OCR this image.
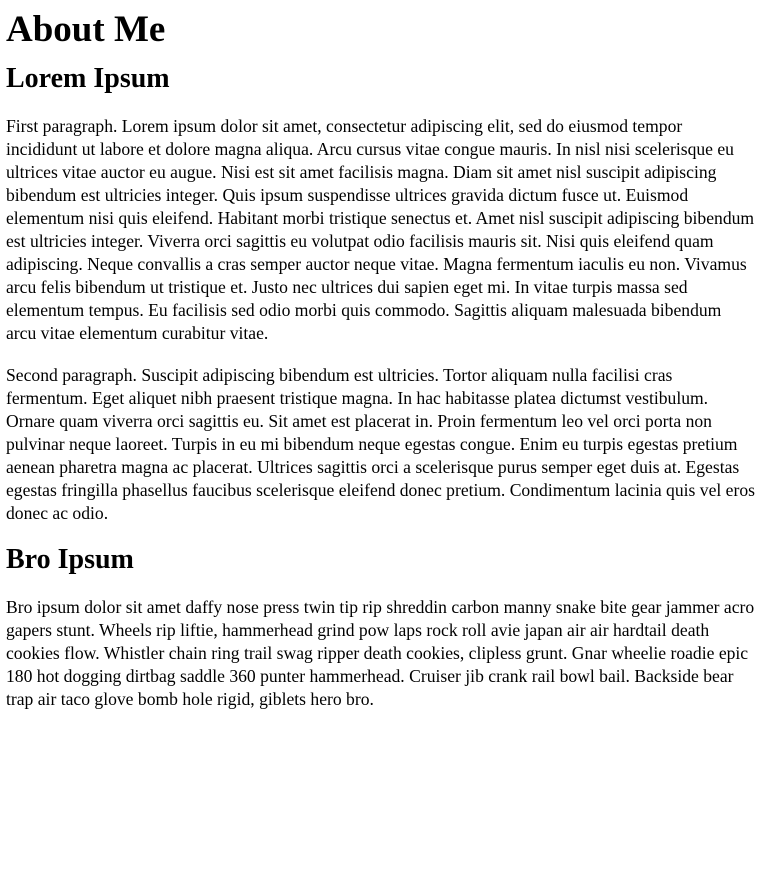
About Me
Lorem Ipsum

First paragraph. Lorem ipsum dolor sit amet, consectetur adipiscing elit, sed do eiusmod tempor incididunt ut labore et dolore magna aliqua. Arcu cursus vitae congue mauris. In nisl nisi scelerisque eu ultrices vitae auctor eu augue. Nisi est sit amet facilisis magna. Diam sit amet nisl suscipit adipiscing bibendum est ultricies integer. Quis ipsum suspendisse ultrices gravida dictum fusce ut. Euismod elementum nisi quis eleifend. Habitant morbi tristique senectus et. Amet nisl suscipit adipiscing bibendum est ultricies integer. Viverra orci sagittis eu volutpat odio facilisis mauris sit. Nisi quis eleifend quam adipiscing. Neque convallis a cras semper auctor neque vitae. Magna fermentum iaculis eu non. Vivamus arcu felis bibendum ut tristique et. Justo nec ultrices dui sapien eget mi. In vitae turpis massa sed elementum tempus. Eu facilisis sed odio morbi quis commodo. Sagittis aliquam malesuada bibendum arcu vitae elementum curabitur vitae.

Second paragraph. Suscipit adipiscing bibendum est ultricies. Tortor aliquam nulla facilisi cras fermentum. Eget aliquet nibh praesent tristique magna. In hac habitasse platea dictumst vestibulum. Ornare quam viverra orci sagittis eu. Sit amet est placerat in. Proin fermentum leo vel orci porta non pulvinar neque laoreet. Turpis in eu mi bibendum neque egestas congue. Enim eu turpis egestas pretium aenean pharetra magna ac placerat. Ultrices sagittis orci a scelerisque purus semper eget duis at. Egestas egestas fringilla phasellus faucibus scelerisque eleifend donec pretium. Condimentum lacinia quis vel eros donec ac odio.

Bro Ipsum

Bro ipsum dolor sit amet daffy nose press twin tip rip shreddin carbon manny snake bite gear jammer acro gapers stunt. Wheels rip liftie, hammerhead grind pow laps rock roll avie japan air air hardtail death cookies flow. Whistler chain ring trail swag ripper death cookies, clipless grunt. Gnar wheelie roadie epic 180 hot dogging dirtbag saddle 360 punter hammerhead. Cruiser jib crank rail bowl bail. Backside bear trap air taco glove bomb hole rigid, giblets hero bro.
